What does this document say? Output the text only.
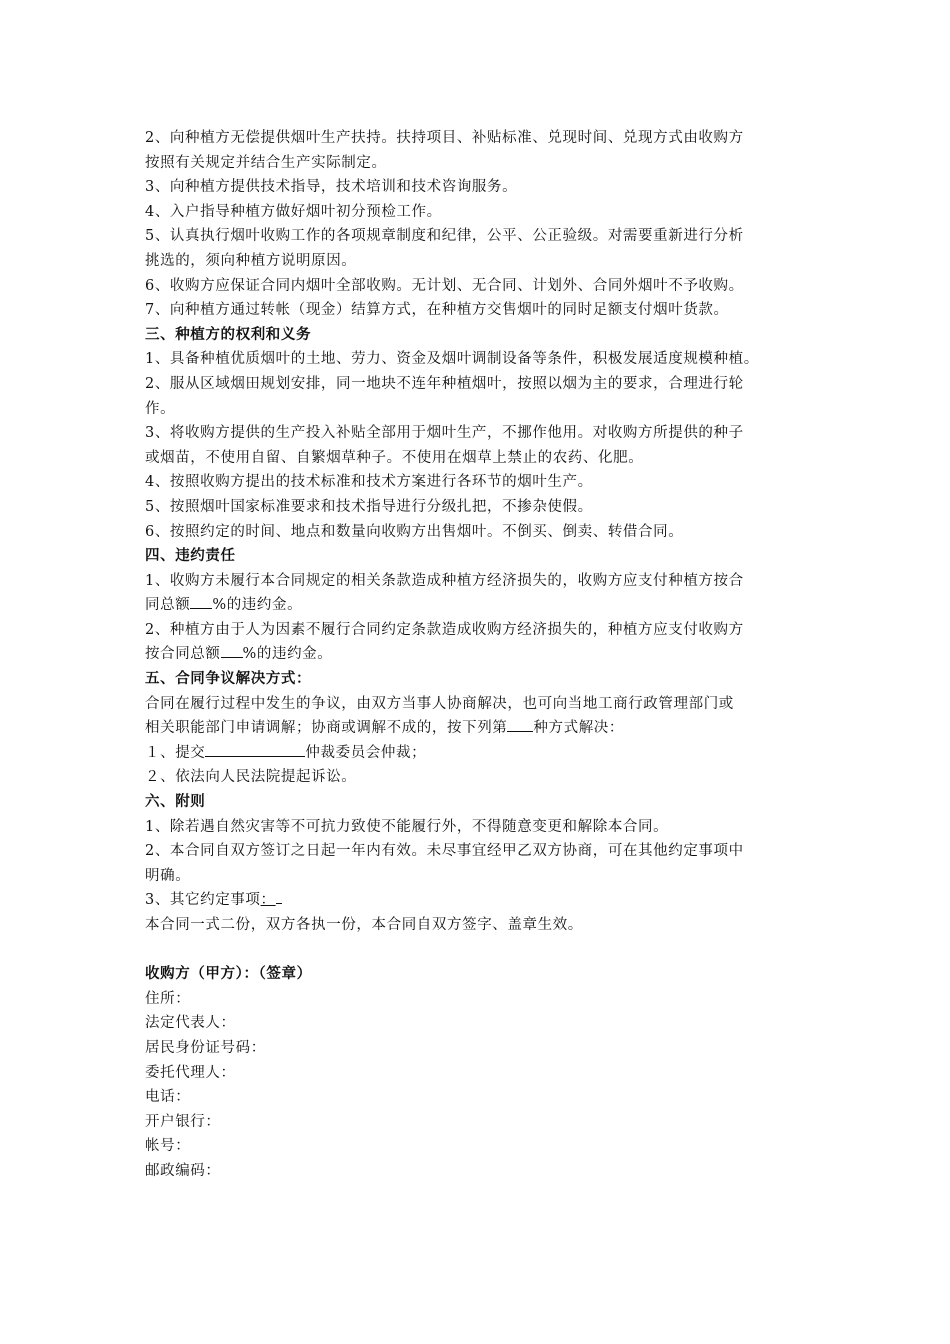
2、向种植方无偿提供烟叶生产扶持。扶持项目、补贴标准、兑现时间、兑现方式由收购方
按照有关规定并结合生产实际制定。
3、向种植方提供技术指导，技术培训和技术咨询服务。
4、入户指导种植方做好烟叶初分预检工作。
5、认真执行烟叶收购工作的各项规章制度和纪律，公平、公正验级。对需要重新进行分析
挑选的，须向种植方说明原因。
6、收购方应保证合同内烟叶全部收购。无计划、无合同、计划外、合同外烟叶不予收购。
7、向种植方通过转帐（现金）结算方式，在种植方交售烟叶的同时足额支付烟叶货款。
三、种植方的权利和义务
1、具备种植优质烟叶的土地、劳力、资金及烟叶调制设备等条件，积极发展适度规模种植。
2、服从区域烟田规划安排，同一地块不连年种植烟叶，按照以烟为主的要求，合理进行轮
作。
3、将收购方提供的生产投入补贴全部用于烟叶生产，不挪作他用。对收购方所提供的种子
或烟苗，不使用自留、自繁烟草种子。不使用在烟草上禁止的农药、化肥。
4、按照收购方提出的技术标准和技术方案进行各环节的烟叶生产。
5、按照烟叶国家标准要求和技术指导进行分级扎把，不掺杂使假。
6、按照约定的时间、地点和数量向收购方出售烟叶。不倒买、倒卖、转借合同。
四、违约责任
1、收购方未履行本合同规定的相关条款造成种植方经济损失的，收购方应支付种植方按合
同总额 %的违约金。
2、种植方由于人为因素不履行合同约定条款造成收购方经济损失的，种植方应支付收购方
按合同总额 %的违约金。
五、合同争议解决方式：
合同在履行过程中发生的争议，由双方当事人协商解决，也可向当地工商行政管理部门或
相关职能部门申请调解；协商或调解不成的，按下列第 种方式解决：
１、提交	仲裁委员会仲裁；
２、依法向人民法院提起诉讼。
六、附则
1、除若遇自然灾害等不可抗力致使不能履行外，不得随意变更和解除本合同。
2、本合同自双方签订之日起一年内有效。未尽事宜经甲乙双方协商，可在其他约定事项中
明确。
3、其它约定事项：
本合同一式二份，双方各执一份，本合同自双方签字、盖章生效。
收购方（甲方）：（签章）
住所：
法定代表人：
居民身份证号码：
委托代理人：
电话：
开户银行：
帐号：
邮政编码：
